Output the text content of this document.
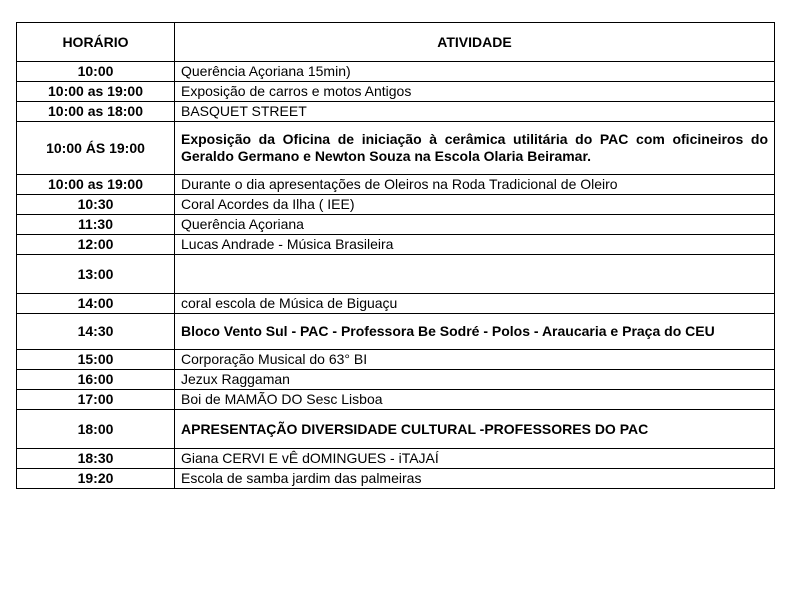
HORÁRIO	ATIVIDADE
10:00	Querência Açoriana 15min)
10:00 as 19:00	Exposição de carros e motos Antigos
10:00 as 18:00	BASQUET STREET
10:00 ÁS 19:00	Exposição da Oficina de iniciação à cerâmica utilitária do PAC com oficineiros do Geraldo Germano e Newton Souza na Escola Olaria Beiramar.
10:00 as 19:00	Durante o dia apresentações de Oleiros na Roda Tradicional de Oleiro
10:30	Coral Acordes da Ilha ( IEE)
11:30	Querência Açoriana
12:00	Lucas Andrade - Música Brasileira
13:00	
14:00	coral escola de Música de Biguaçu
14:30	Bloco Vento Sul - PAC - Professora Be Sodré - Polos - Araucaria e Praça do CEU
15:00	Corporação Musical do 63° BI
16:00	Jezux Raggaman
17:00	Boi de MAMÃO DO Sesc Lisboa
18:00	APRESENTAÇÃO DIVERSIDADE CULTURAL -PROFESSORES DO PAC
18:30	Giana CERVI E vÊ dOMINGUES - iTAJAÍ
19:20	Escola de samba jardim das palmeiras
